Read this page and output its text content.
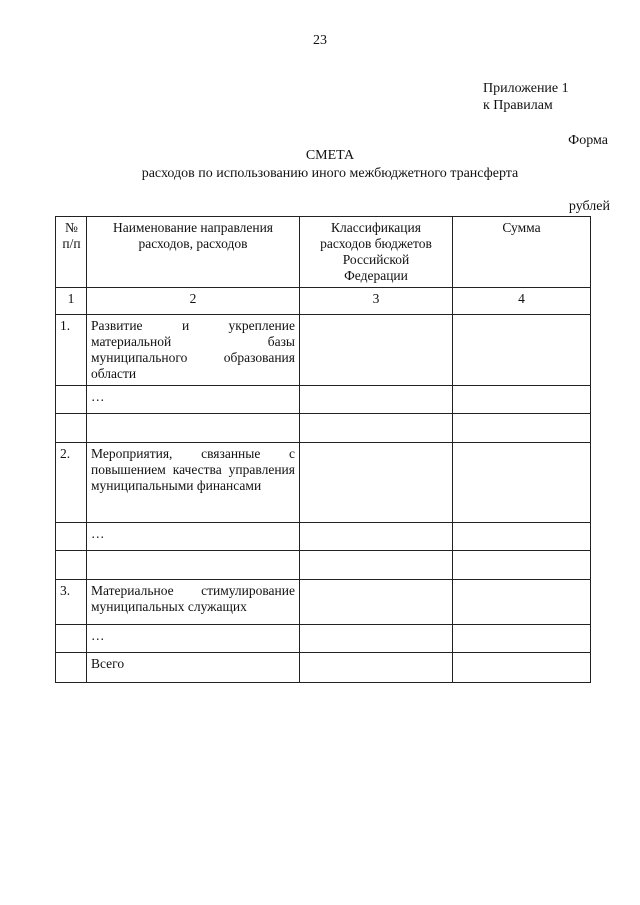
23
Приложение 1
к Правилам
Форма
СМЕТА
расходов по использованию иного межбюджетного трансферта
рублей
№ п/п	Наименование направления расходов, расходов	Классификация расходов бюджетов Российской Федерации	Сумма
1	2	3	4
1.	Развитие и укрепление материальной базы муниципального образования области		
	…		

2.	Мероприятия, связанные с повышением качества управления муниципальными финансами		
	…		

3.	Материальное стимулирование муниципальных служащих		
	…		
	Всего		
